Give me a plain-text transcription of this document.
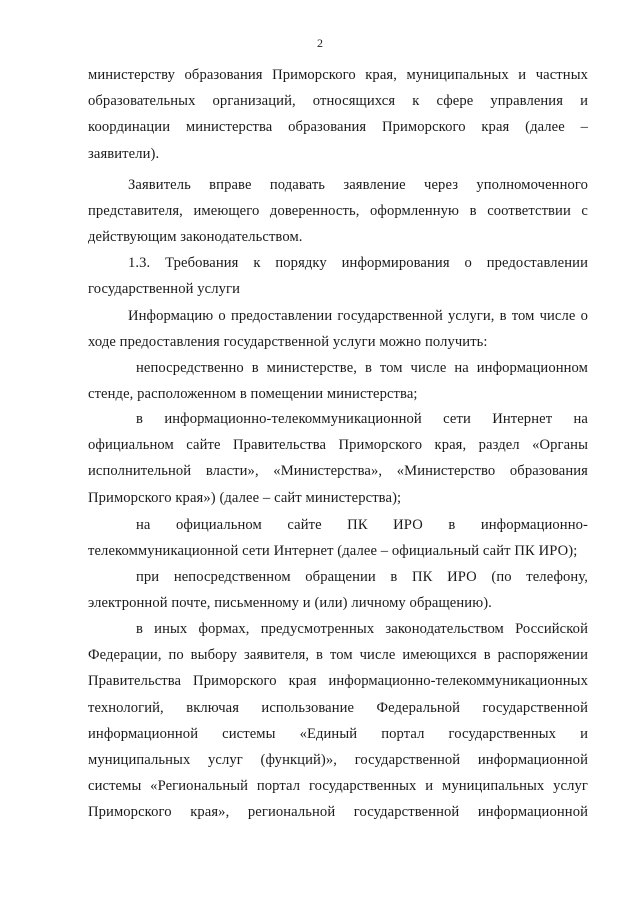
2
министерству образования Приморского края, муниципальных и частных
образовательных организаций, относящихся к сфере управления и
координации министерства образования Приморского края (далее –
заявители).
Заявитель вправе подавать заявление через уполномоченного
представителя, имеющего доверенность, оформленную в соответствии с
действующим законодательством.
1.3. Требования к порядку информирования о предоставлении
государственной услуги
Информацию о предоставлении государственной услуги, в том числе о
ходе предоставления государственной услуги можно получить:
непосредственно в министерстве, в том числе на информационном
стенде, расположенном в помещении министерства;
в информационно-телекоммуникационной сети Интернет на
официальном сайте Правительства Приморского края, раздел «Органы
исполнительной власти», «Министерства», «Министерство образования
Приморского края») (далее – сайт министерства);
на официальном сайте ПК ИРО в информационно-
телекоммуникационной сети Интернет (далее – официальный сайт ПК ИРО);
при непосредственном обращении в ПК ИРО (по телефону,
электронной почте, письменному и (или) личному обращению).
в иных формах, предусмотренных законодательством Российской
Федерации, по выбору заявителя, в том числе имеющихся в распоряжении
Правительства Приморского края информационно-телекоммуникационных
технологий, включая использование Федеральной государственной
информационной системы «Единый портал государственных и
муниципальных услуг (функций)», государственной информационной
системы «Региональный портал государственных и муниципальных услуг
Приморского края», региональной государственной информационной
